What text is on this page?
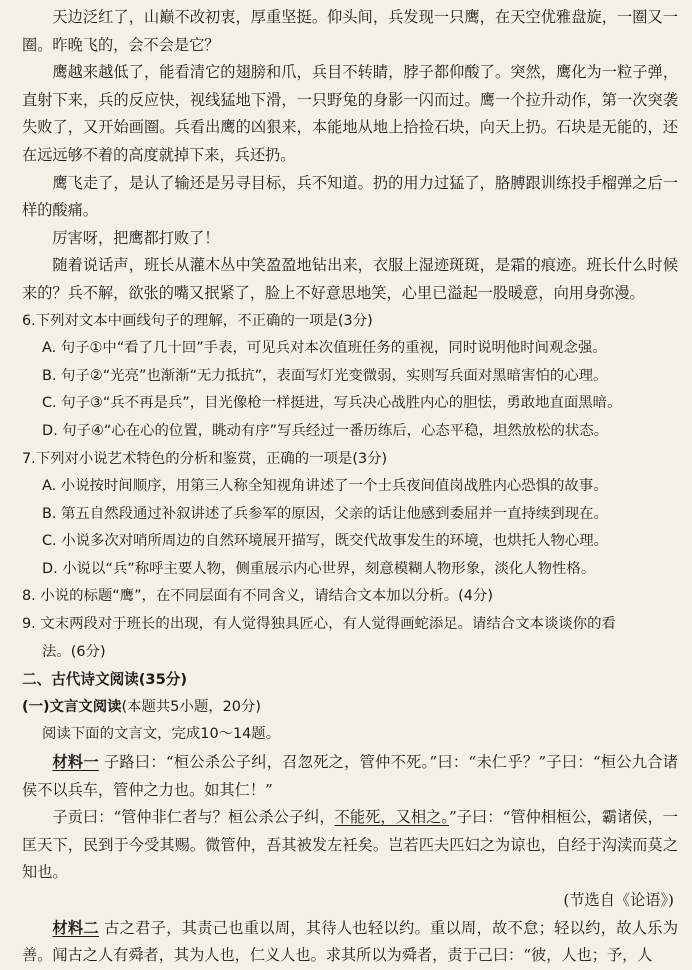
天边泛红了，山巅不改初衷，厚重坚挺。仰头间，兵发现一只鹰，在天空优雅盘旋，一圈又一圈。昨晚飞的，会不会是它？

鹰越来越低了，能看清它的翅膀和爪，兵目不转睛，脖子都仰酸了。突然，鹰化为一粒子弹，直射下来，兵的反应快，视线猛地下滑，一只野兔的身影一闪而过。鹰一个拉升动作，第一次突袭失败了，又开始画圈。兵看出鹰的凶狠来，本能地从地上拾捡石块，向天上扔。石块是无能的，还在远远够不着的高度就掉下来，兵还扔。

鹰飞走了，是认了输还是另寻目标，兵不知道。扔的用力过猛了，胳膊跟训练投手榴弹之后一样的酸痛。

厉害呀，把鹰都打败了！

随着说话声，班长从灌木丛中笑盈盈地钻出来，衣服上湿迹斑斑，是霜的痕迹。班长什么时候来的？兵不解，欲张的嘴又抿紧了，脸上不好意思地笑，心里已溢起一股暖意，向用身弥漫。

6.下列对文本中画线句子的理解，不正确的一项是(3分)

A. 句子①中“看了几十回”手表，可见兵对本次值班任务的重视，同时说明他时间观念强。

B. 句子②“光亮”也渐渐“无力抵抗”，表面写灯光变微弱，实则写兵面对黑暗害怕的心理。

C. 句子③“兵不再是兵”，目光像枪一样挺进，写兵决心战胜内心的胆怯，勇敢地直面黑暗。

D. 句子④“心在心的位置，眺动有序”写兵经过一番历练后，心态平稳，坦然放松的状态。

7.下列对小说艺术特色的分析和鉴赏，正确的一项是(3分)

A. 小说按时间顺序，用第三人称全知视角讲述了一个士兵夜间值岗战胜内心恐惧的故事。

B. 第五自然段通过补叙讲述了兵参军的原因，父亲的话让他感到委屈并一直持续到现在。

C. 小说多次对哨所周边的自然环境展开描写，既交代故事发生的环境，也烘托人物心理。

D. 小说以“兵”称呼主要人物，侧重展示内心世界，刻意模糊人物形象，淡化人物性格。

8. 小说的标题“鹰”，在不同层面有不同含义，请结合文本加以分析。(4分)

9. 文末两段对于班长的出现，有人觉得独具匠心，有人觉得画蛇添足。请结合文本谈谈你的看

法。(6分)

二、古代诗文阅读(35分)

(一)文言文阅读(本题共5小题，20分)

阅读下面的文言文，完成10～14题。

材料一 子路曰：“桓公杀公子纠，召忽死之，管仲不死。”曰：“未仁乎？”子曰：“桓公九合诸侯不以兵车，管仲之力也。如其仁！”

子贡曰：“管仲非仁者与？桓公杀公子纠，不能死，又相之。”子曰：“管仲相桓公，霸诸侯，一匡天下，民到于今受其赐。微管仲，吾其被发左衽矣。岂若匹夫匹妇之为谅也，自经于沟渎而莫之知也。

(节选自《论语》)

材料二 古之君子，其责己也重以周，其待人也轻以约。重以周，故不怠；轻以约，故人乐为善。闻古之人有舜者，其为人也，仁义人也。求其所以为舜者，责于己曰：“彼，人也；予，人
